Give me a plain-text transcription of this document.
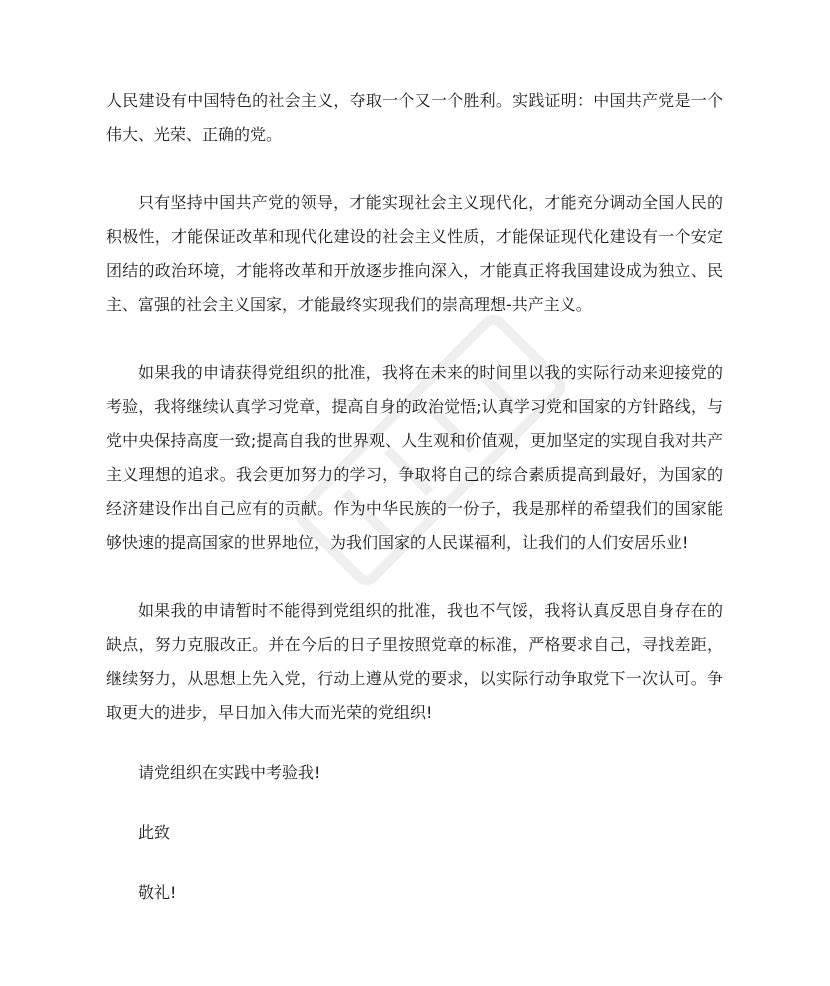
人民建设有中国特色的社会主义，夺取一个又一个胜利。实践证明：中国共产党是一个伟大、光荣、正确的党。

只有坚持中国共产党的领导，才能实现社会主义现代化，才能充分调动全国人民的积极性，才能保证改革和现代化建设的社会主义性质，才能保证现代化建设有一个安定团结的政治环境，才能将改革和开放逐步推向深入，才能真正将我国建设成为独立、民主、富强的社会主义国家，才能最终实现我们的崇高理想-共产主义。

如果我的申请获得党组织的批准，我将在未来的时间里以我的实际行动来迎接党的考验，我将继续认真学习党章，提高自身的政治觉悟;认真学习党和国家的方针路线，与党中央保持高度一致;提高自我的世界观、人生观和价值观，更加坚定的实现自我对共产主义理想的追求。我会更加努力的学习，争取将自己的综合素质提高到最好，为国家的经济建设作出自己应有的贡献。作为中华民族的一份子，我是那样的希望我们的国家能够快速的提高国家的世界地位，为我们国家的人民谋福利，让我们的人们安居乐业!

如果我的申请暂时不能得到党组织的批准，我也不气馁，我将认真反思自身存在的缺点，努力克服改正。并在今后的日子里按照党章的标准，严格要求自己，寻找差距，继续努力，从思想上先入党，行动上遵从党的要求，以实际行动争取党下一次认可。争取更大的进步，早日加入伟大而光荣的党组织!

请党组织在实践中考验我!

此致

敬礼!
